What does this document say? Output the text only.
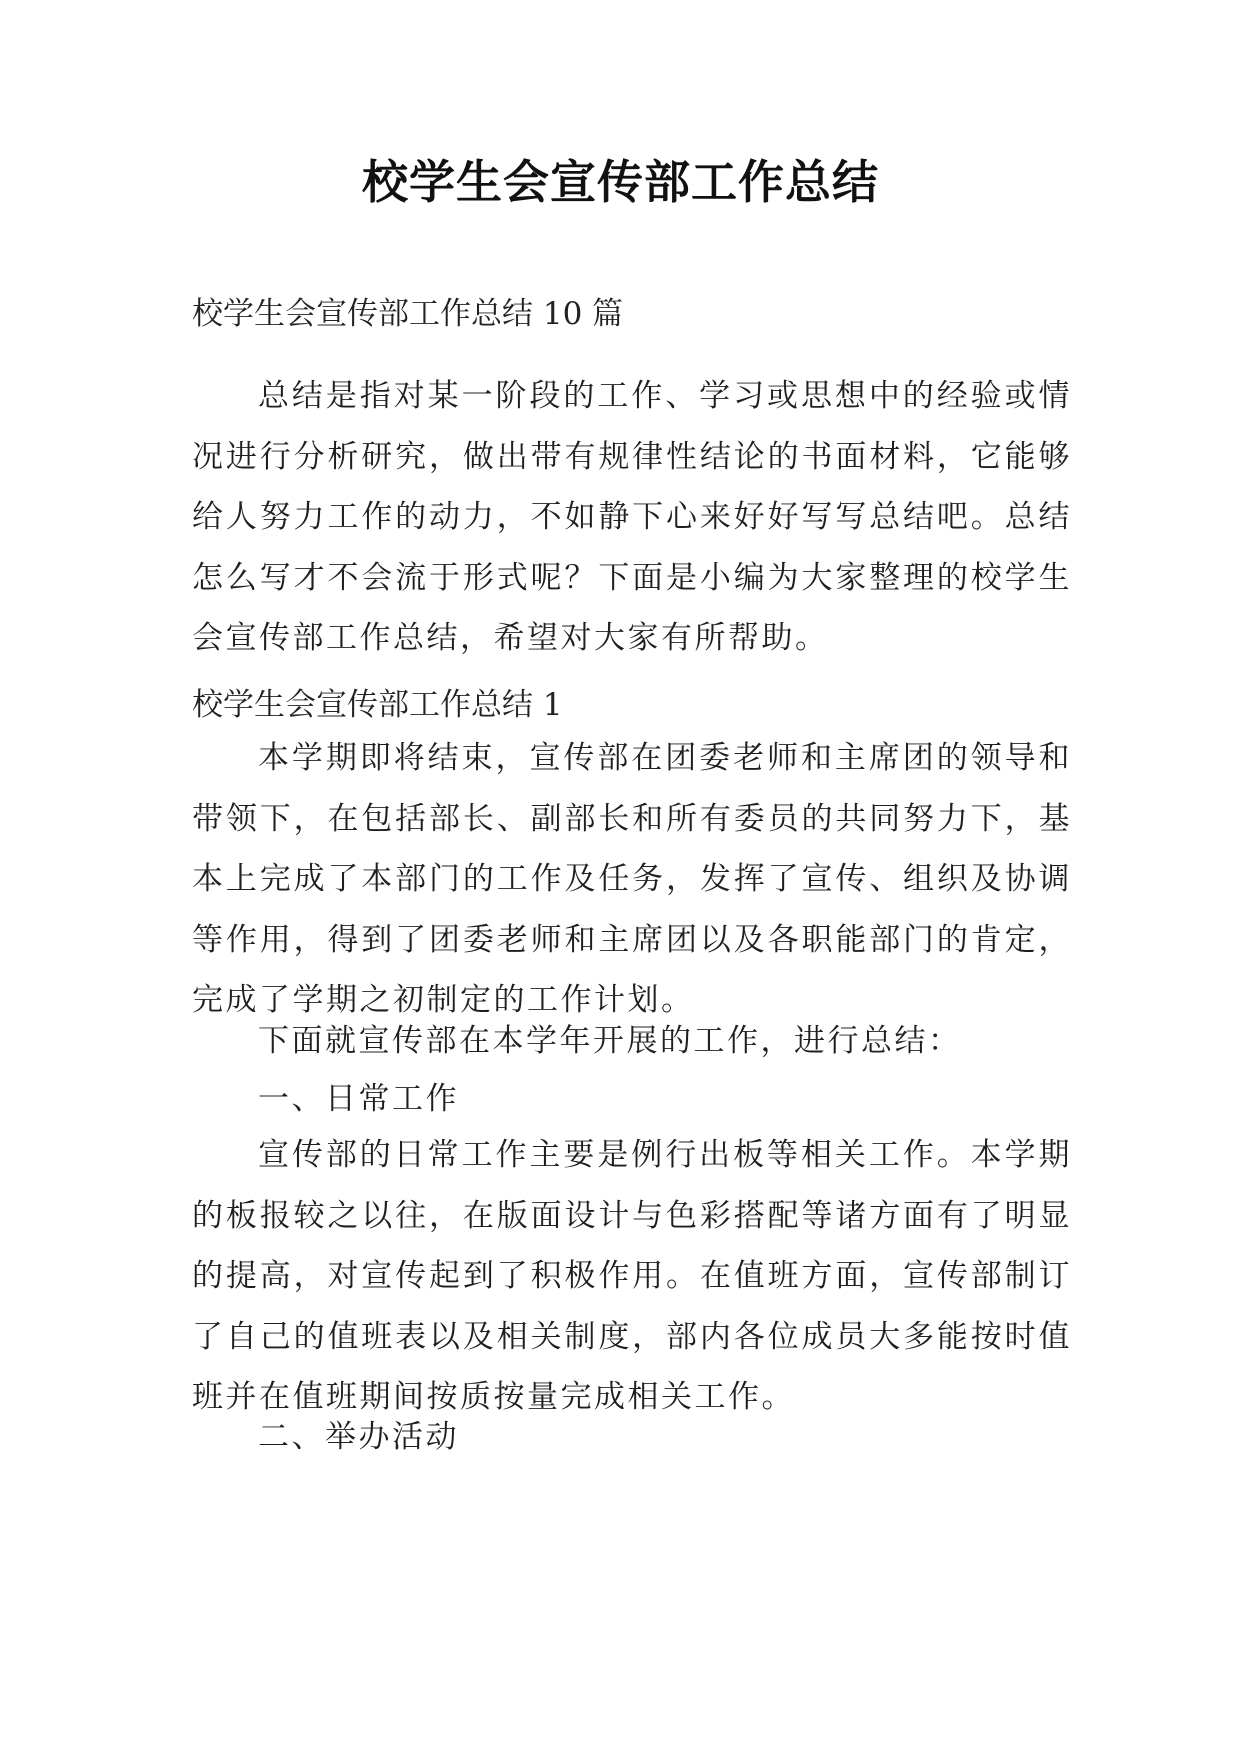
校学生会宣传部工作总结
校学生会宣传部工作总结 10 篇

总结是指对某一阶段的工作、学习或思想中的经验或情况进行分析研究，做出带有规律性结论的书面材料，它能够给人努力工作的动力，不如静下心来好好写写总结吧。总结怎么写才不会流于形式呢？下面是小编为大家整理的校学生会宣传部工作总结，希望对大家有所帮助。

校学生会宣传部工作总结 1

本学期即将结束，宣传部在团委老师和主席团的领导和带领下，在包括部长、副部长和所有委员的共同努力下，基本上完成了本部门的工作及任务，发挥了宣传、组织及协调等作用，得到了团委老师和主席团以及各职能部门的肯定，完成了学期之初制定的工作计划。

下面就宣传部在本学年开展的工作，进行总结：
一、日常工作

宣传部的日常工作主要是例行出板等相关工作。本学期的板报较之以往，在版面设计与色彩搭配等诸方面有了明显的提高，对宣传起到了积极作用。在值班方面，宣传部制订了自己的值班表以及相关制度，部内各位成员大多能按时值班并在值班期间按质按量完成相关工作。

二、举办活动
